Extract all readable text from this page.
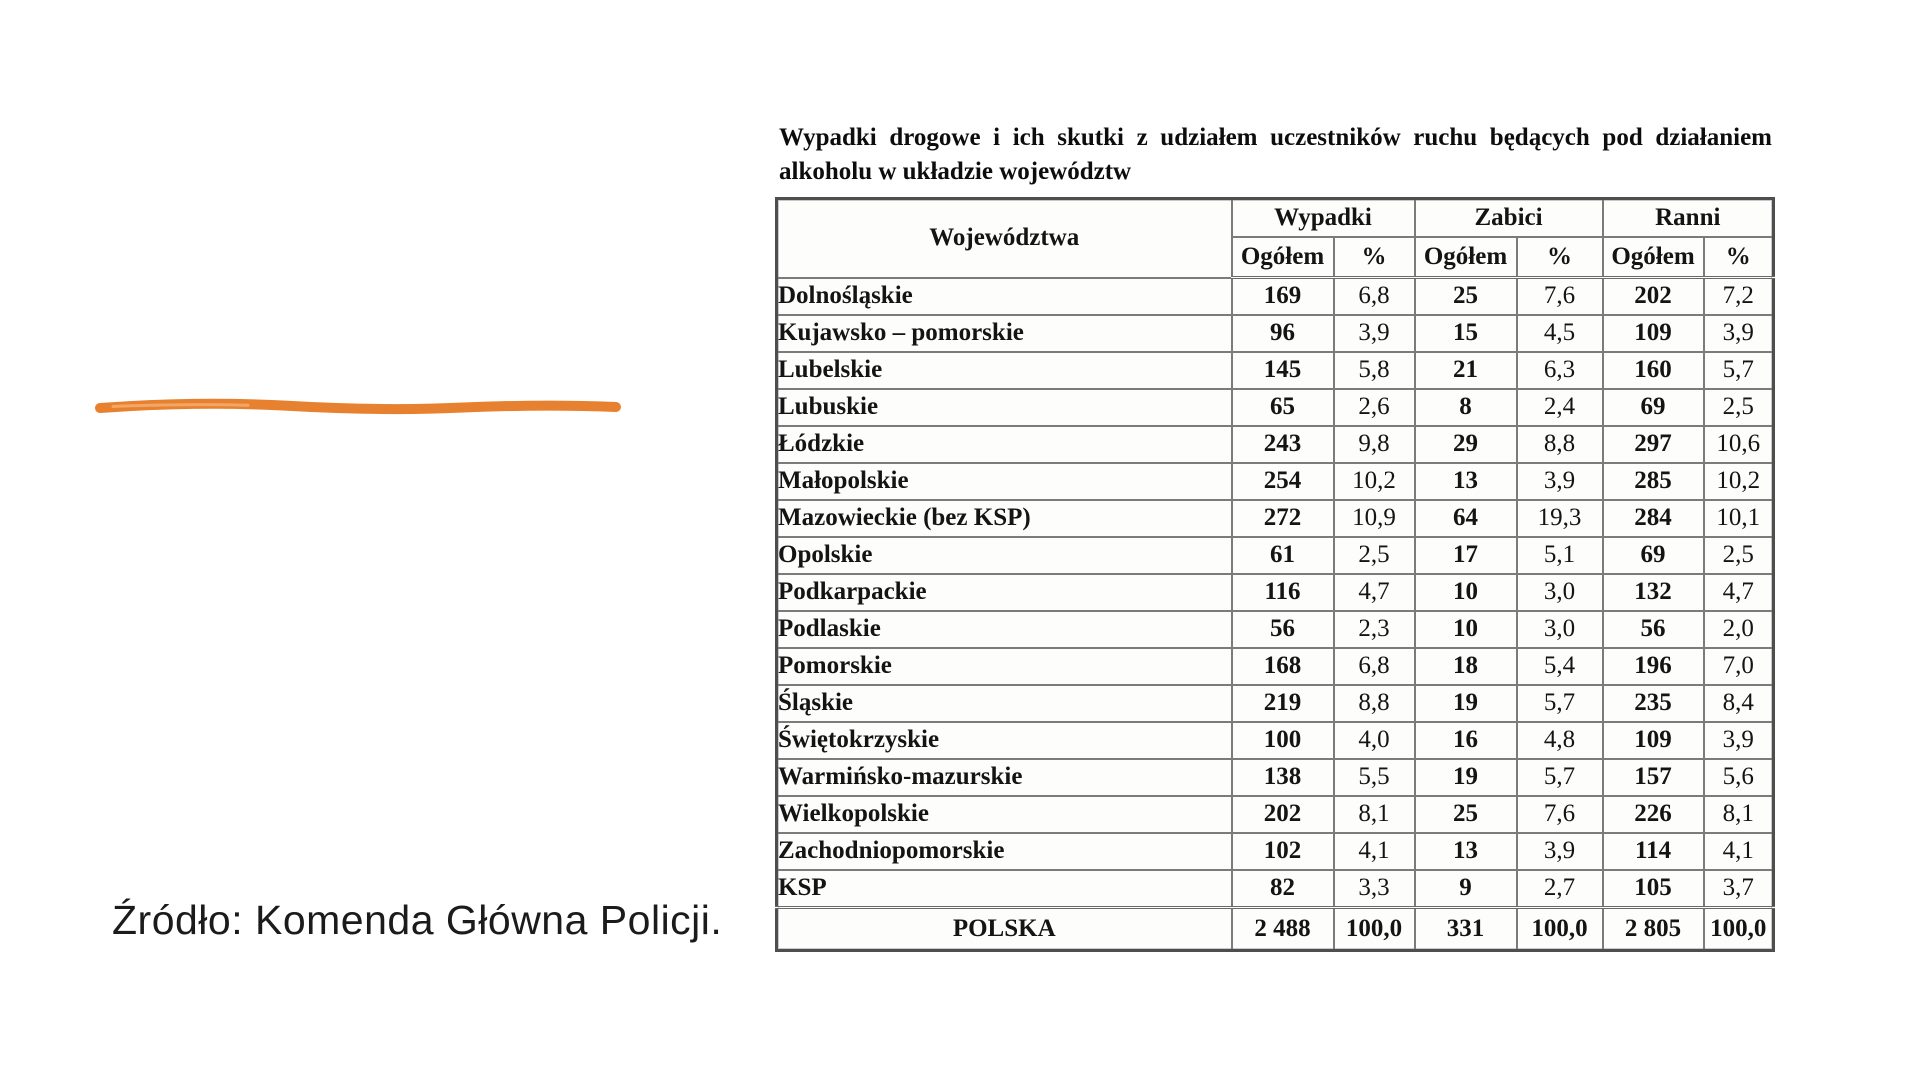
Wypadki drogowe i ich skutki z udziałem uczestników ruchu będących pod działaniem
alkoholu w układzie województw
Województwa	Wypadki		Zabici		Ranni	
	Ogółem	%	Ogółem	%	Ogółem	%
Dolnośląskie	169	6,8	25	7,6	202	7,2
Kujawsko – pomorskie	96	3,9	15	4,5	109	3,9
Lubelskie	145	5,8	21	6,3	160	5,7
Lubuskie	65	2,6	8	2,4	69	2,5
Łódzkie	243	9,8	29	8,8	297	10,6
Małopolskie	254	10,2	13	3,9	285	10,2
Mazowieckie (bez KSP)	272	10,9	64	19,3	284	10,1
Opolskie	61	2,5	17	5,1	69	2,5
Podkarpackie	116	4,7	10	3,0	132	4,7
Podlaskie	56	2,3	10	3,0	56	2,0
Pomorskie	168	6,8	18	5,4	196	7,0
Śląskie	219	8,8	19	5,7	235	8,4
Świętokrzyskie	100	4,0	16	4,8	109	3,9
Warmińsko-mazurskie	138	5,5	19	5,7	157	5,6
Wielkopolskie	202	8,1	25	7,6	226	8,1
Zachodniopomorskie	102	4,1	13	3,9	114	4,1
KSP	82	3,3	9	2,7	105	3,7
POLSKA	2 488	100,0	331	100,0	2 805	100,0
Źródło: Komenda Główna Policji.
